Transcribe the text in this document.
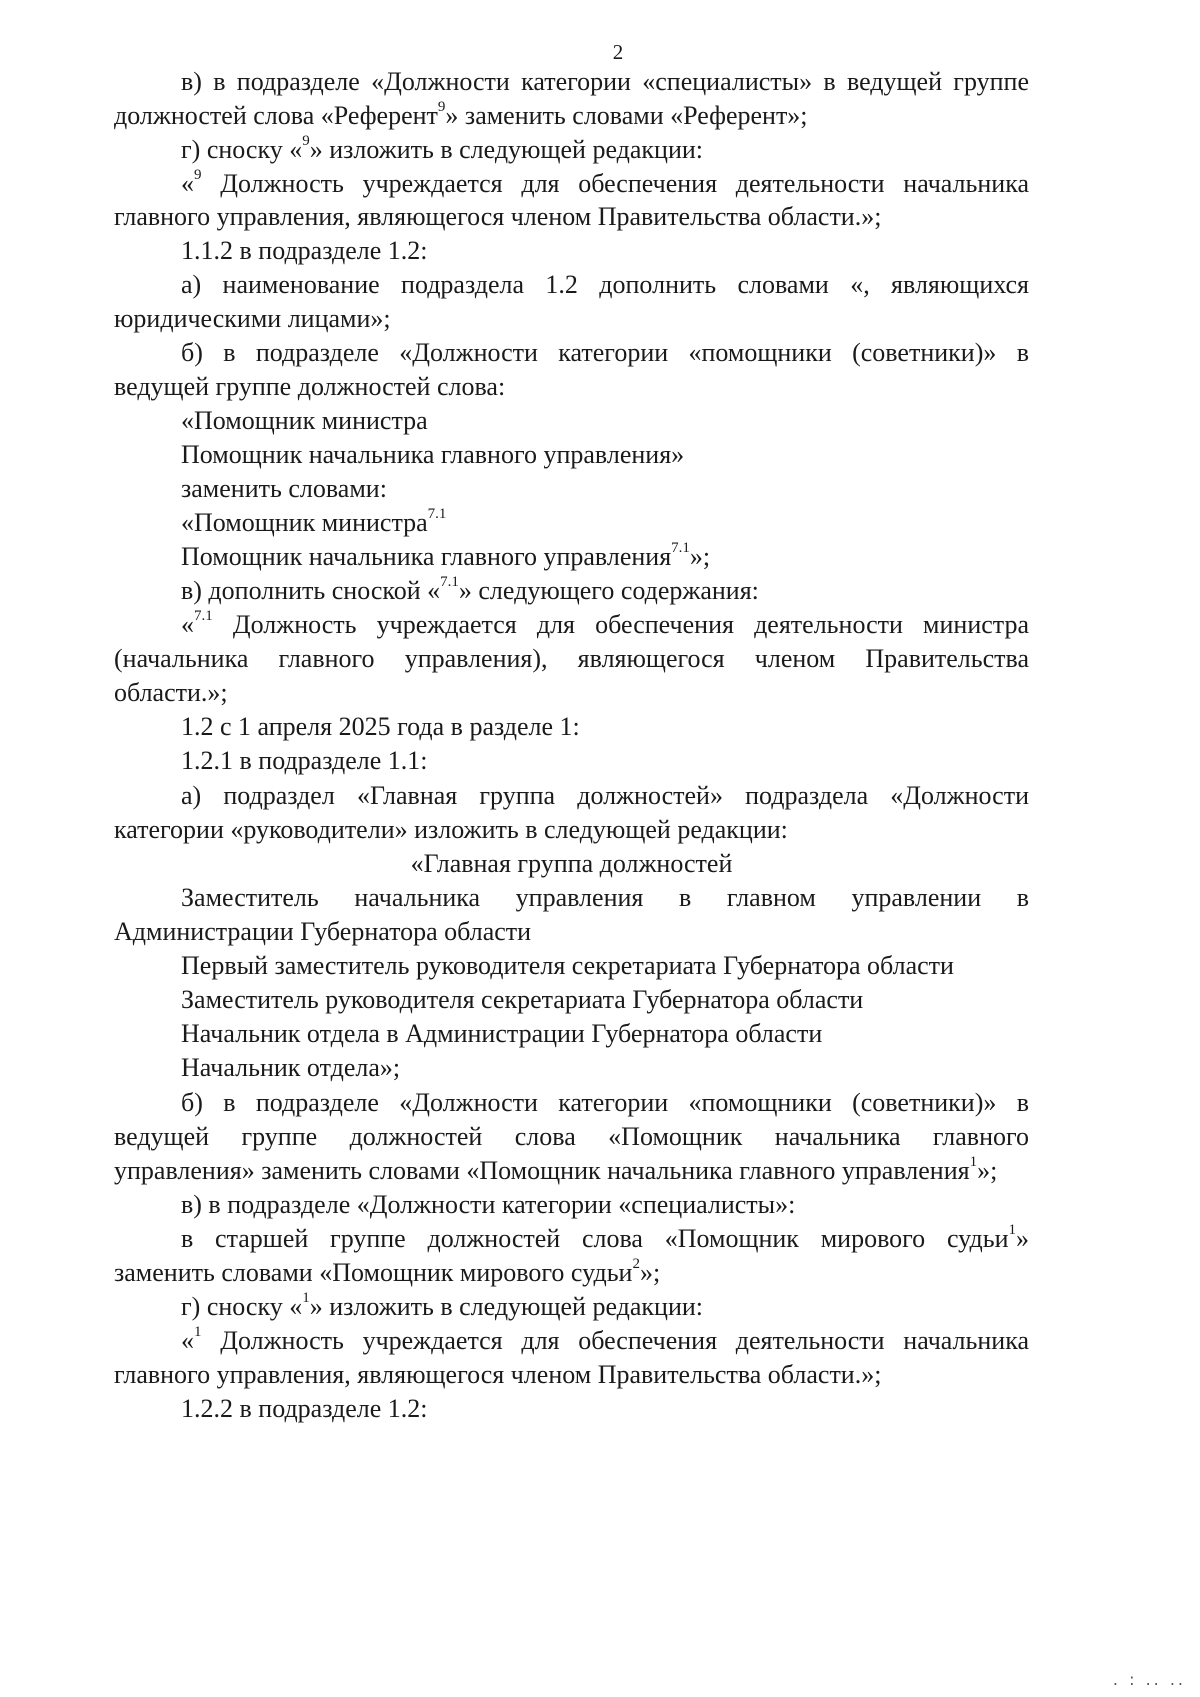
2
в) в подразделе «Должности категории «специалисты» в ведущей группе
должностей слова «Референт$^9$» заменить словами «Референт»;
г) сноску «$^9$» изложить в следующей редакции:
«$^9$ Должность учреждается для обеспечения деятельности начальника
главного управления, являющегося членом Правительства области.»;
1.1.2 в подразделе 1.2:
а) наименование подраздела 1.2 дополнить словами «, являющихся
юридическими лицами»;
б) в подразделе «Должности категории «помощники (советники)» в
ведущей группе должностей слова:
«Помощник министра
Помощник начальника главного управления»
заменить словами:
«Помощник министра$^{7.1}$
Помощник начальника главного управления$^{7.1}$»;
в) дополнить сноской «$^{7.1}$» следующего содержания:
«$^{7.1}$ Должность учреждается для обеспечения деятельности министра
(начальника главного управления), являющегося членом Правительства
области.»;
1.2 с 1 апреля 2025 года в разделе 1:
1.2.1 в подразделе 1.1:
а) подраздел «Главная группа должностей» подраздела «Должности
категории «руководители» изложить в следующей редакции:
«Главная группа должностей
Заместитель начальника управления в главном управлении в
Администрации Губернатора области
Первый заместитель руководителя секретариата Губернатора области
Заместитель руководителя секретариата Губернатора области
Начальник отдела в Администрации Губернатора области
Начальник отдела»;
б) в подразделе «Должности категории «помощники (советники)» в
ведущей группе должностей слова «Помощник начальника главного
управления» заменить словами «Помощник начальника главного управления$^1$»;
в) в подразделе «Должности категории «специалисты»:
в старшей группе должностей слова «Помощник мирового судьи$^1$»
заменить словами «Помощник мирового судьи$^2$»;
г) сноску «$^1$» изложить в следующей редакции:
«$^1$ Должность учреждается для обеспечения деятельности начальника
главного управления, являющегося членом Правительства области.»;
1.2.2 в подразделе 1.2:
. : .. ..
